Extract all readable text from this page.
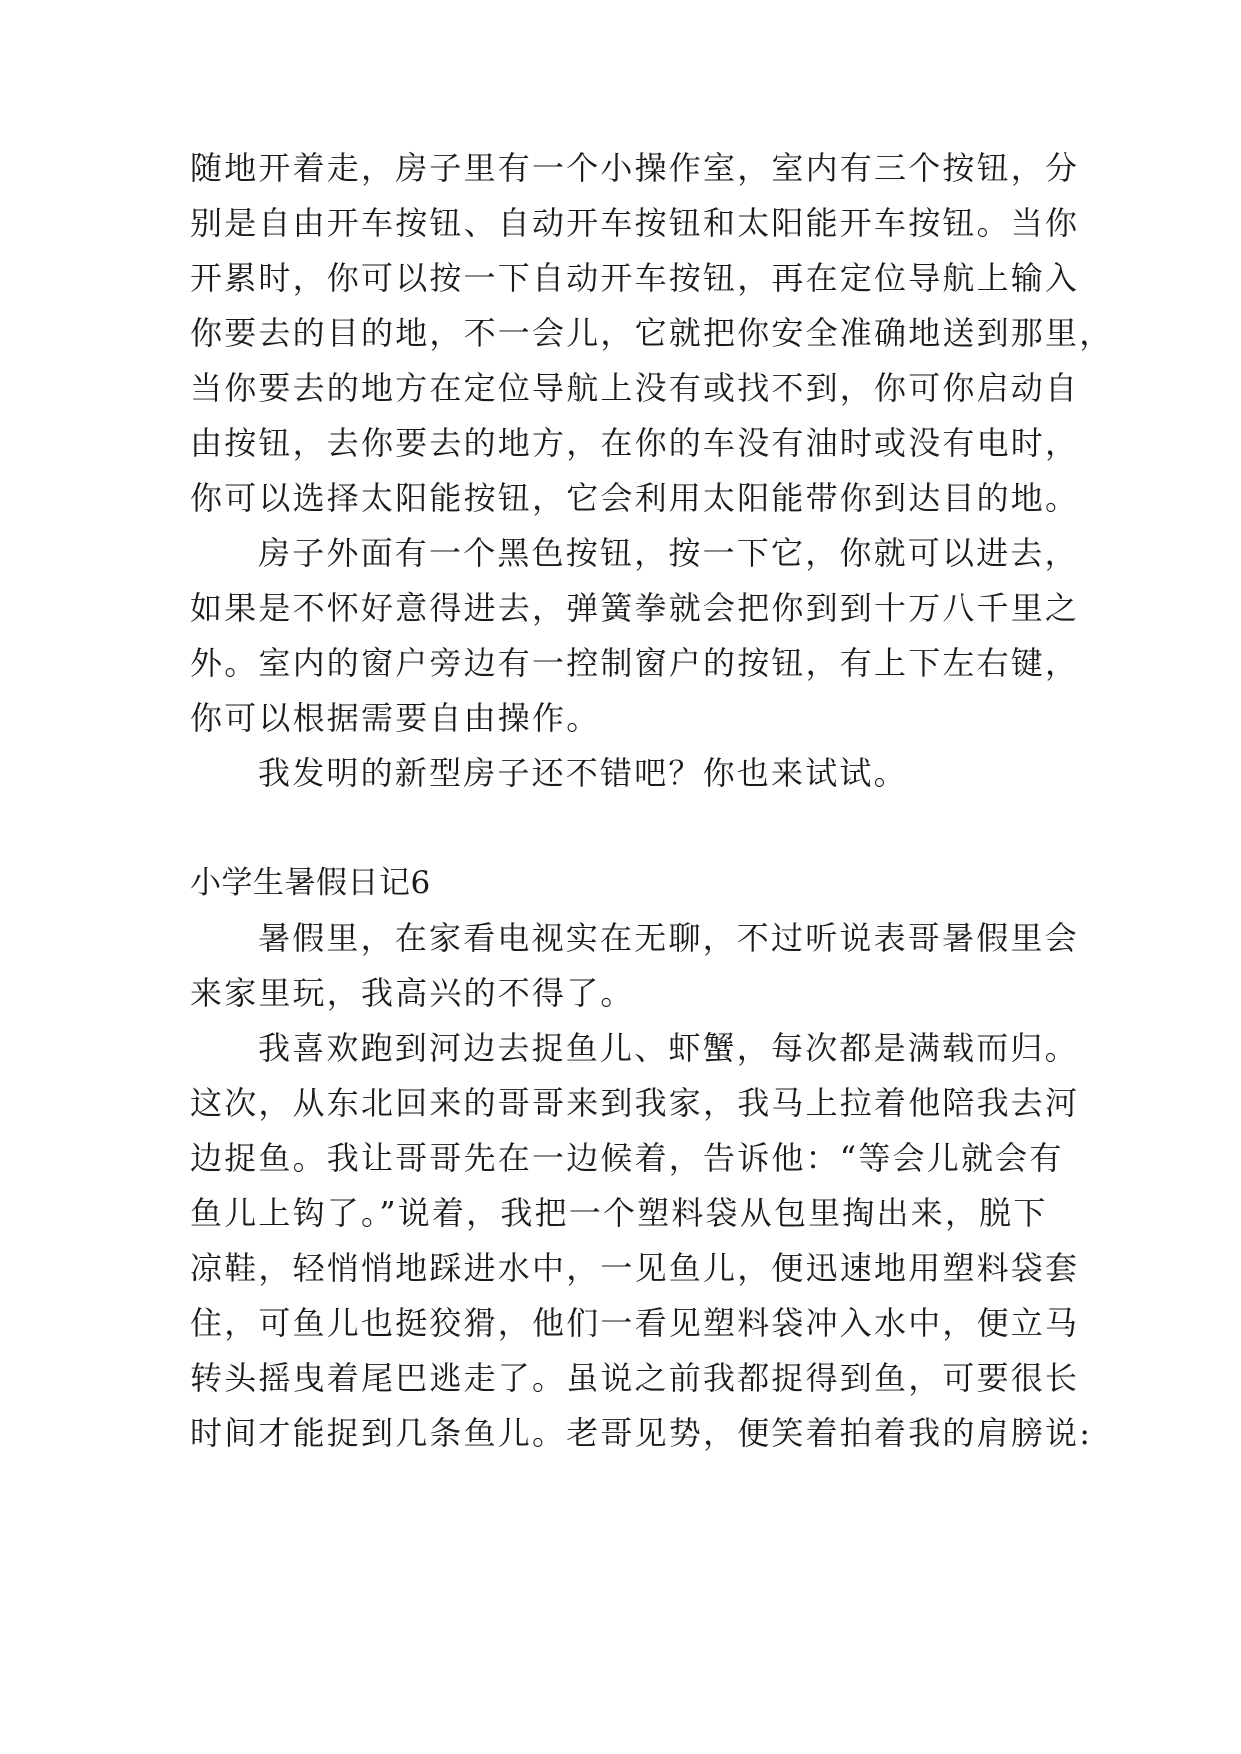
随地开着走，房子里有一个小操作室，室内有三个按钮，分
别是自由开车按钮、自动开车按钮和太阳能开车按钮。当你
开累时，你可以按一下自动开车按钮，再在定位导航上输入
你要去的目的地，不一会儿，它就把你安全准确地送到那里，
当你要去的地方在定位导航上没有或找不到，你可你启动自
由按钮，去你要去的地方，在你的车没有油时或没有电时，
你可以选择太阳能按钮，它会利用太阳能带你到达目的地。
房子外面有一个黑色按钮，按一下它，你就可以进去，
如果是不怀好意得进去，弹簧拳就会把你到到十万八千里之
外。室内的窗户旁边有一控制窗户的按钮，有上下左右键，
你可以根据需要自由操作。
我发明的新型房子还不错吧？你也来试试。
小学生暑假日记6
暑假里，在家看电视实在无聊，不过听说表哥暑假里会
来家里玩，我高兴的不得了。
我喜欢跑到河边去捉鱼儿、虾蟹，每次都是满载而归。
这次，从东北回来的哥哥来到我家，我马上拉着他陪我去河
边捉鱼。我让哥哥先在一边候着，告诉他：“等会儿就会有
鱼儿上钩了。”说着，我把一个塑料袋从包里掏出来，脱下
凉鞋，轻悄悄地踩进水中，一见鱼儿，便迅速地用塑料袋套
住，可鱼儿也挺狡猾，他们一看见塑料袋冲入水中，便立马
转头摇曳着尾巴逃走了。虽说之前我都捉得到鱼，可要很长
时间才能捉到几条鱼儿。老哥见势，便笑着拍着我的肩膀说:
